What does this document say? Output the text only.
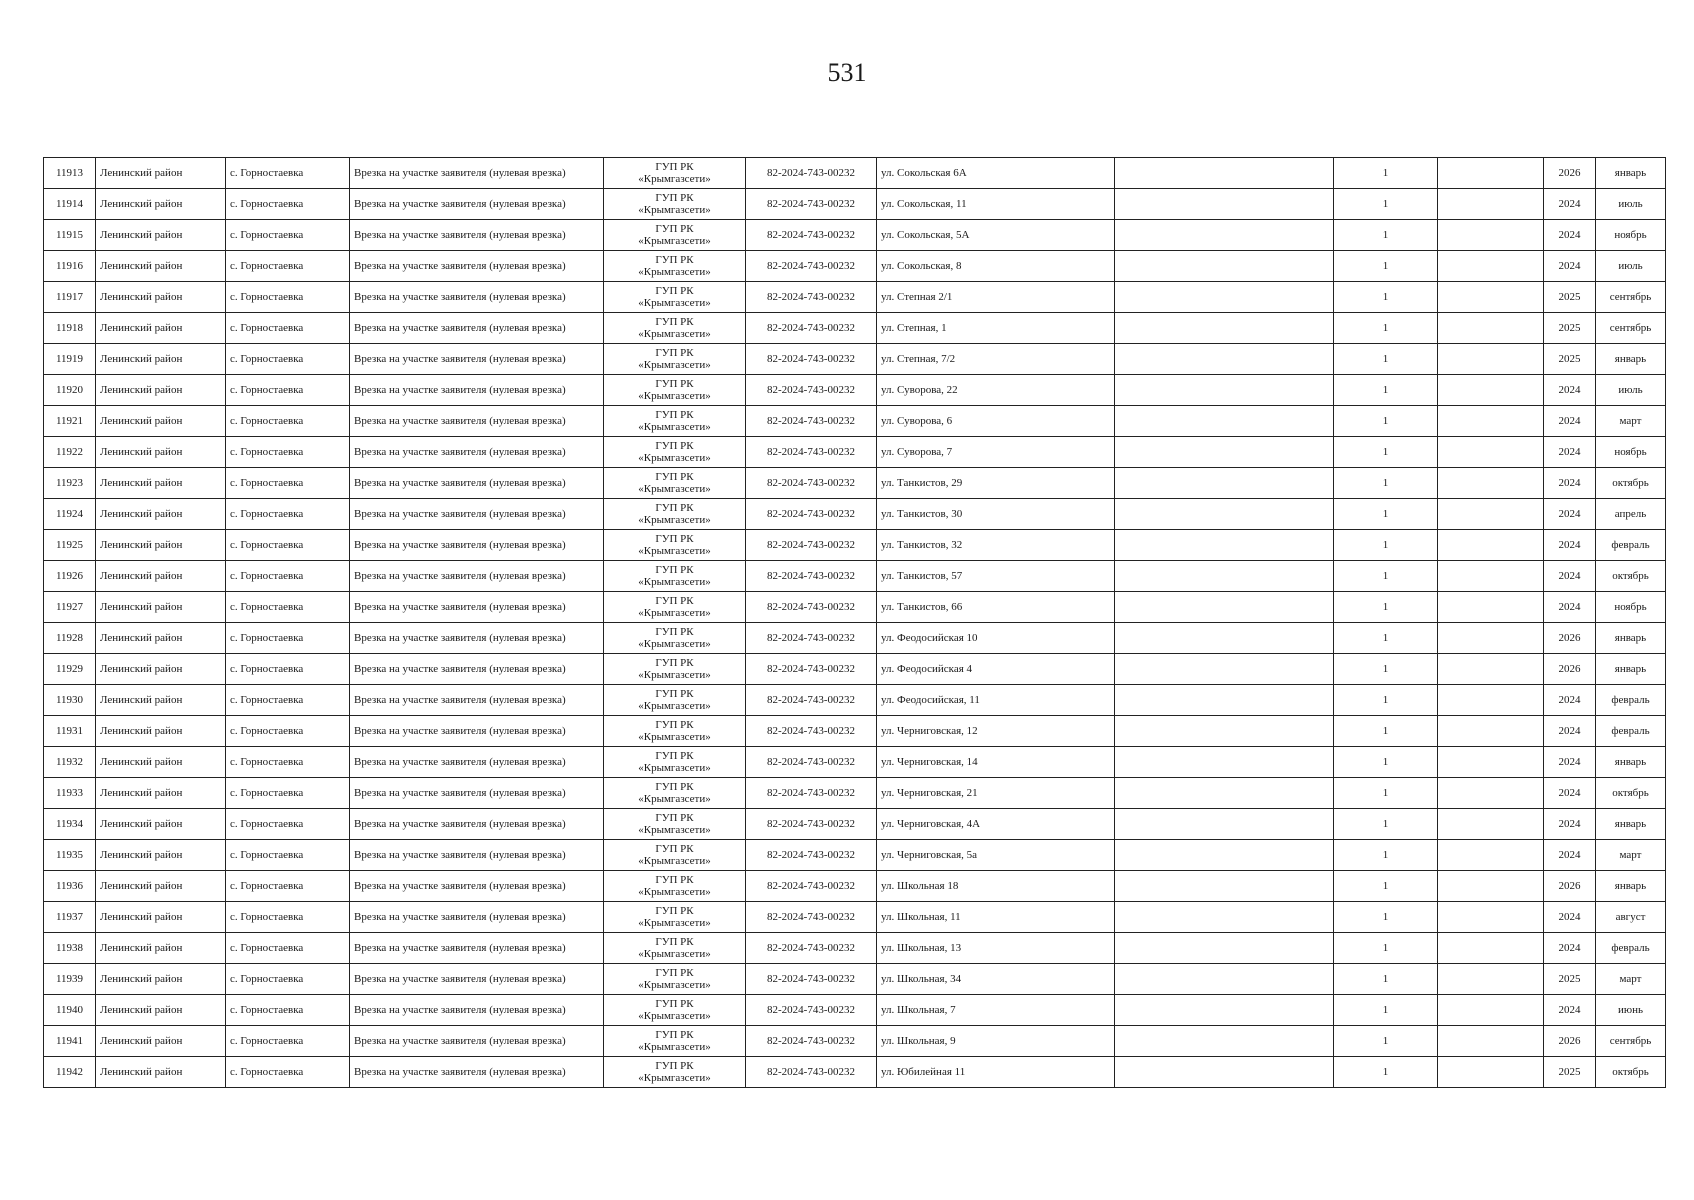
531
11913	Ленинский район	с. Горностаевка	Врезка на участке заявителя (нулевая врезка)	ГУП РК
«Крымгазсети»	82-2024-743-00232	ул. Сокольская 6А		1		2026	январь
11914	Ленинский район	с. Горностаевка	Врезка на участке заявителя (нулевая врезка)	ГУП РК
«Крымгазсети»	82-2024-743-00232	ул. Сокольская, 11		1		2024	июль
11915	Ленинский район	с. Горностаевка	Врезка на участке заявителя (нулевая врезка)	ГУП РК
«Крымгазсети»	82-2024-743-00232	ул. Сокольская, 5А		1		2024	ноябрь
11916	Ленинский район	с. Горностаевка	Врезка на участке заявителя (нулевая врезка)	ГУП РК
«Крымгазсети»	82-2024-743-00232	ул. Сокольская, 8		1		2024	июль
11917	Ленинский район	с. Горностаевка	Врезка на участке заявителя (нулевая врезка)	ГУП РК
«Крымгазсети»	82-2024-743-00232	ул. Степная 2/1		1		2025	сентябрь
11918	Ленинский район	с. Горностаевка	Врезка на участке заявителя (нулевая врезка)	ГУП РК
«Крымгазсети»	82-2024-743-00232	ул. Степная, 1		1		2025	сентябрь
11919	Ленинский район	с. Горностаевка	Врезка на участке заявителя (нулевая врезка)	ГУП РК
«Крымгазсети»	82-2024-743-00232	ул. Степная, 7/2		1		2025	январь
11920	Ленинский район	с. Горностаевка	Врезка на участке заявителя (нулевая врезка)	ГУП РК
«Крымгазсети»	82-2024-743-00232	ул. Суворова, 22		1		2024	июль
11921	Ленинский район	с. Горностаевка	Врезка на участке заявителя (нулевая врезка)	ГУП РК
«Крымгазсети»	82-2024-743-00232	ул. Суворова, 6		1		2024	март
11922	Ленинский район	с. Горностаевка	Врезка на участке заявителя (нулевая врезка)	ГУП РК
«Крымгазсети»	82-2024-743-00232	ул. Суворова, 7		1		2024	ноябрь
11923	Ленинский район	с. Горностаевка	Врезка на участке заявителя (нулевая врезка)	ГУП РК
«Крымгазсети»	82-2024-743-00232	ул. Танкистов, 29		1		2024	октябрь
11924	Ленинский район	с. Горностаевка	Врезка на участке заявителя (нулевая врезка)	ГУП РК
«Крымгазсети»	82-2024-743-00232	ул. Танкистов, 30		1		2024	апрель
11925	Ленинский район	с. Горностаевка	Врезка на участке заявителя (нулевая врезка)	ГУП РК
«Крымгазсети»	82-2024-743-00232	ул. Танкистов, 32		1		2024	февраль
11926	Ленинский район	с. Горностаевка	Врезка на участке заявителя (нулевая врезка)	ГУП РК
«Крымгазсети»	82-2024-743-00232	ул. Танкистов, 57		1		2024	октябрь
11927	Ленинский район	с. Горностаевка	Врезка на участке заявителя (нулевая врезка)	ГУП РК
«Крымгазсети»	82-2024-743-00232	ул. Танкистов, 66		1		2024	ноябрь
11928	Ленинский район	с. Горностаевка	Врезка на участке заявителя (нулевая врезка)	ГУП РК
«Крымгазсети»	82-2024-743-00232	ул. Феодосийская 10		1		2026	январь
11929	Ленинский район	с. Горностаевка	Врезка на участке заявителя (нулевая врезка)	ГУП РК
«Крымгазсети»	82-2024-743-00232	ул. Феодосийская 4		1		2026	январь
11930	Ленинский район	с. Горностаевка	Врезка на участке заявителя (нулевая врезка)	ГУП РК
«Крымгазсети»	82-2024-743-00232	ул. Феодосийская, 11		1		2024	февраль
11931	Ленинский район	с. Горностаевка	Врезка на участке заявителя (нулевая врезка)	ГУП РК
«Крымгазсети»	82-2024-743-00232	ул. Черниговская, 12		1		2024	февраль
11932	Ленинский район	с. Горностаевка	Врезка на участке заявителя (нулевая врезка)	ГУП РК
«Крымгазсети»	82-2024-743-00232	ул. Черниговская, 14		1		2024	январь
11933	Ленинский район	с. Горностаевка	Врезка на участке заявителя (нулевая врезка)	ГУП РК
«Крымгазсети»	82-2024-743-00232	ул. Черниговская, 21		1		2024	октябрь
11934	Ленинский район	с. Горностаевка	Врезка на участке заявителя (нулевая врезка)	ГУП РК
«Крымгазсети»	82-2024-743-00232	ул. Черниговская, 4А		1		2024	январь
11935	Ленинский район	с. Горностаевка	Врезка на участке заявителя (нулевая врезка)	ГУП РК
«Крымгазсети»	82-2024-743-00232	ул. Черниговская, 5а		1		2024	март
11936	Ленинский район	с. Горностаевка	Врезка на участке заявителя (нулевая врезка)	ГУП РК
«Крымгазсети»	82-2024-743-00232	ул. Школьная 18		1		2026	январь
11937	Ленинский район	с. Горностаевка	Врезка на участке заявителя (нулевая врезка)	ГУП РК
«Крымгазсети»	82-2024-743-00232	ул. Школьная, 11		1		2024	август
11938	Ленинский район	с. Горностаевка	Врезка на участке заявителя (нулевая врезка)	ГУП РК
«Крымгазсети»	82-2024-743-00232	ул. Школьная, 13		1		2024	февраль
11939	Ленинский район	с. Горностаевка	Врезка на участке заявителя (нулевая врезка)	ГУП РК
«Крымгазсети»	82-2024-743-00232	ул. Школьная, 34		1		2025	март
11940	Ленинский район	с. Горностаевка	Врезка на участке заявителя (нулевая врезка)	ГУП РК
«Крымгазсети»	82-2024-743-00232	ул. Школьная, 7		1		2024	июнь
11941	Ленинский район	с. Горностаевка	Врезка на участке заявителя (нулевая врезка)	ГУП РК
«Крымгазсети»	82-2024-743-00232	ул. Школьная, 9		1		2026	сентябрь
11942	Ленинский район	с. Горностаевка	Врезка на участке заявителя (нулевая врезка)	ГУП РК
«Крымгазсети»	82-2024-743-00232	ул. Юбилейная 11		1		2025	октябрь
